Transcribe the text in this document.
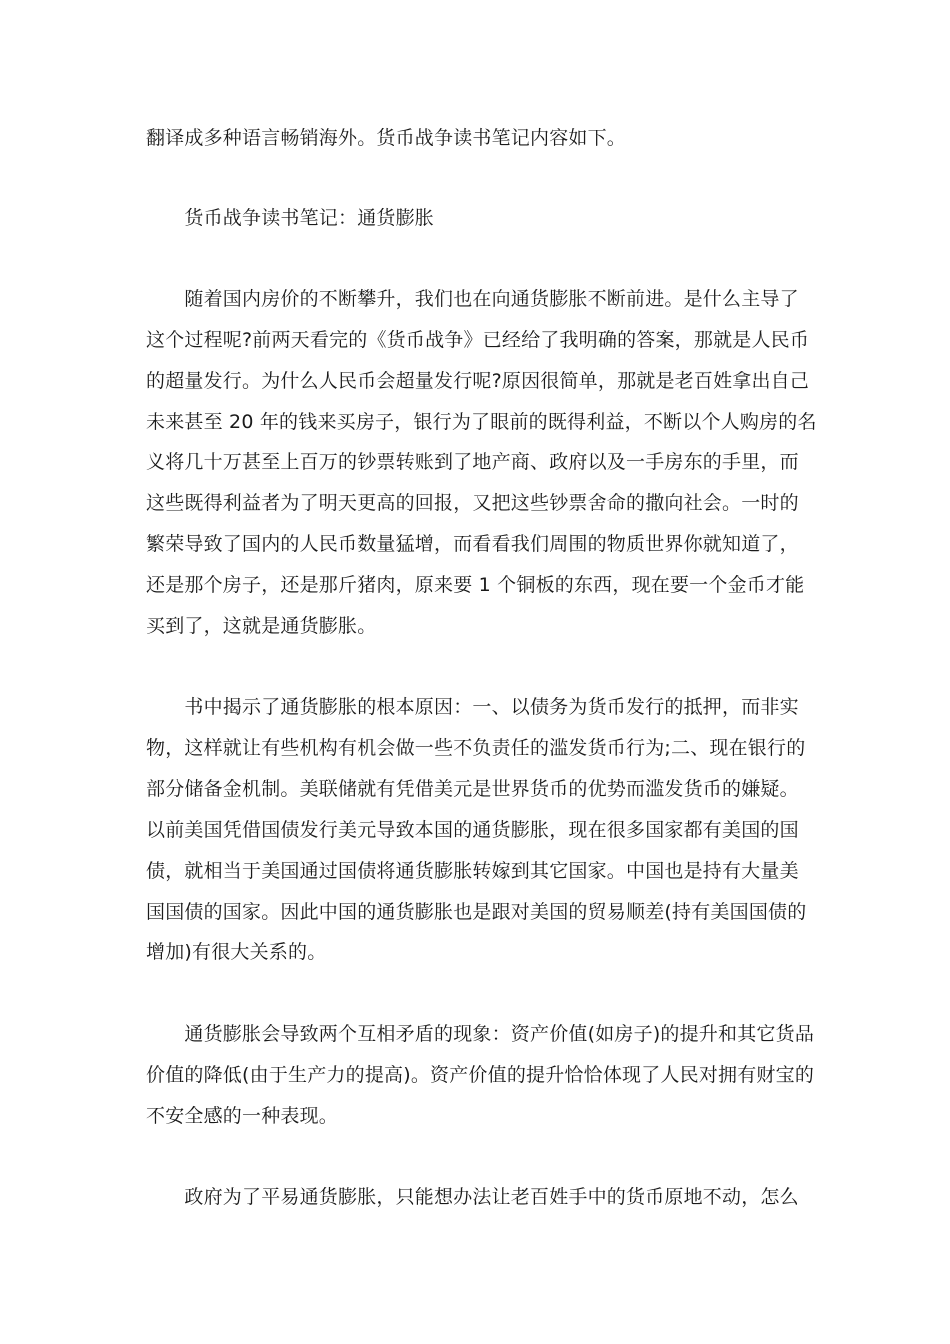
翻译成多种语言畅销海外。货币战争读书笔记内容如下。
　　货币战争读书笔记：通货膨胀
　　随着国内房价的不断攀升，我们也在向通货膨胀不断前进。是什么主导了
这个过程呢?前两天看完的《货币战争》已经给了我明确的答案，那就是人民币
的超量发行。为什么人民币会超量发行呢?原因很简单，那就是老百姓拿出自己
未来甚至 20 年的钱来买房子，银行为了眼前的既得利益，不断以个人购房的名
义将几十万甚至上百万的钞票转账到了地产商、政府以及一手房东的手里，而
这些既得利益者为了明天更高的回报，又把这些钞票舍命的撒向社会。一时的
繁荣导致了国内的人民币数量猛增，而看看我们周围的物质世界你就知道了，
还是那个房子，还是那斤猪肉，原来要 1 个铜板的东西，现在要一个金币才能
买到了，这就是通货膨胀。
　　书中揭示了通货膨胀的根本原因：一、以债务为货币发行的抵押，而非实
物，这样就让有些机构有机会做一些不负责任的滥发货币行为;二、现在银行的
部分储备金机制。美联储就有凭借美元是世界货币的优势而滥发货币的嫌疑。
以前美国凭借国债发行美元导致本国的通货膨胀，现在很多国家都有美国的国
债，就相当于美国通过国债将通货膨胀转嫁到其它国家。中国也是持有大量美
国国债的国家。因此中国的通货膨胀也是跟对美国的贸易顺差(持有美国国债的
增加)有很大关系的。
　　通货膨胀会导致两个互相矛盾的现象：资产价值(如房子)的提升和其它货品
价值的降低(由于生产力的提高)。资产价值的提升恰恰体现了人民对拥有财宝的
不安全感的一种表现。
　　政府为了平易通货膨胀，只能想办法让老百姓手中的货币原地不动，怎么
